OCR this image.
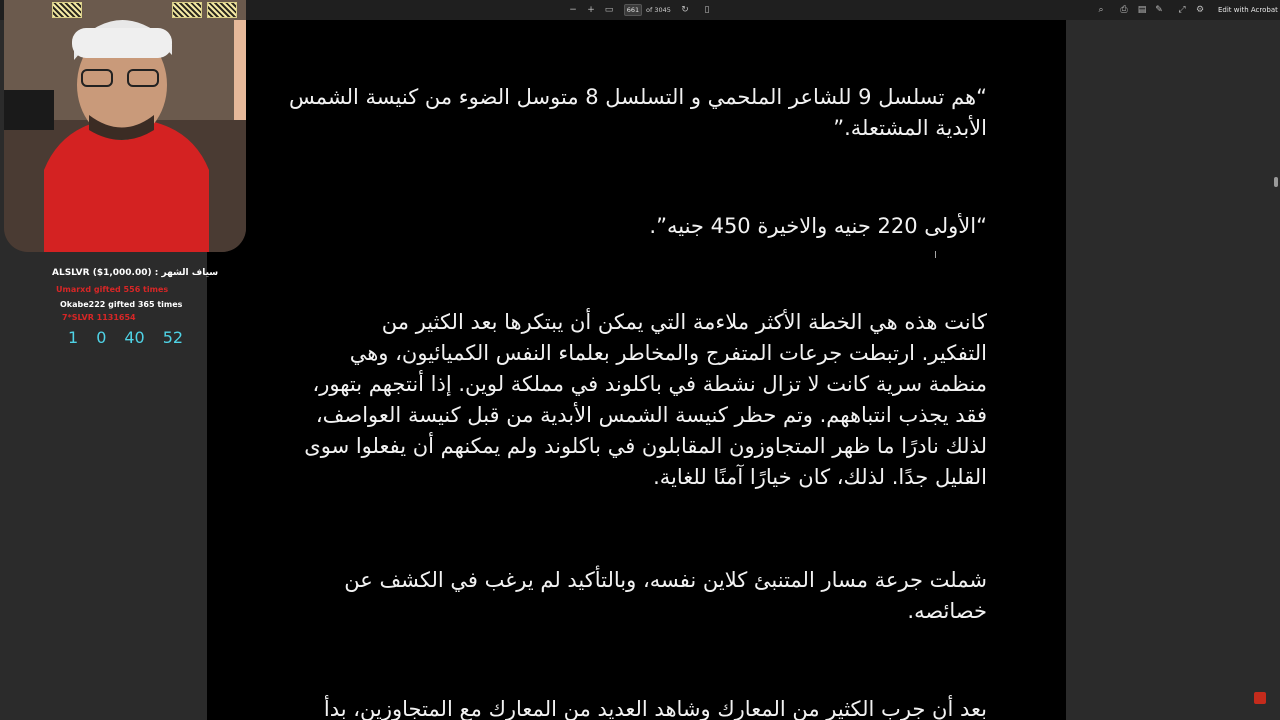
−	+	▭
661	of 3045	↻	▯	⌕	⎙	▤ ✎	⤢	⚙	Edit with Acrobat
“هم تسلسل 9 للشاعر الملحمي و التسلسل 8 متوسل الضوء من كنيسة الشمس
الأبدية المشتعلة.”
“الأولى 220 جنيه والاخيرة 450 جنيه”.
كانت هذه هي الخطة الأكثر ملاءمة التي يمكن أن يبتكرها بعد الكثير من
التفكير. ارتبطت جرعات المتفرج والمخاطر بعلماء النفس الكميائيون، وهي
منظمة سرية كانت لا تزال نشطة في باكلوند في مملكة لوين. إذا أنتجهم بتهور،
فقد يجذب انتباههم. وتم حظر كنيسة الشمس الأبدية من قبل كنيسة العواصف،
لذلك نادرًا ما ظهر المتجاوزون المقابلون في باكلوند ولم يمكنهم أن يفعلوا سوى
القليل جدًا. لذلك، كان خيارًا آمنًا للغاية.
شملت جرعة مسار المتنبئ كلاين نفسه، وبالتأكيد لم يرغب في الكشف عن
خصائصه.
بعد أن جرب الكثير من المعارك وشاهد العديد من المعارك مع المتجاوزين، بدأ
I
ALSLVR ($1,000.00) : سياف الشهر
Umarxd gifted 556 times
Okabe222 gifted 365 times
7*SLVR 1131654
1 0 40 52
